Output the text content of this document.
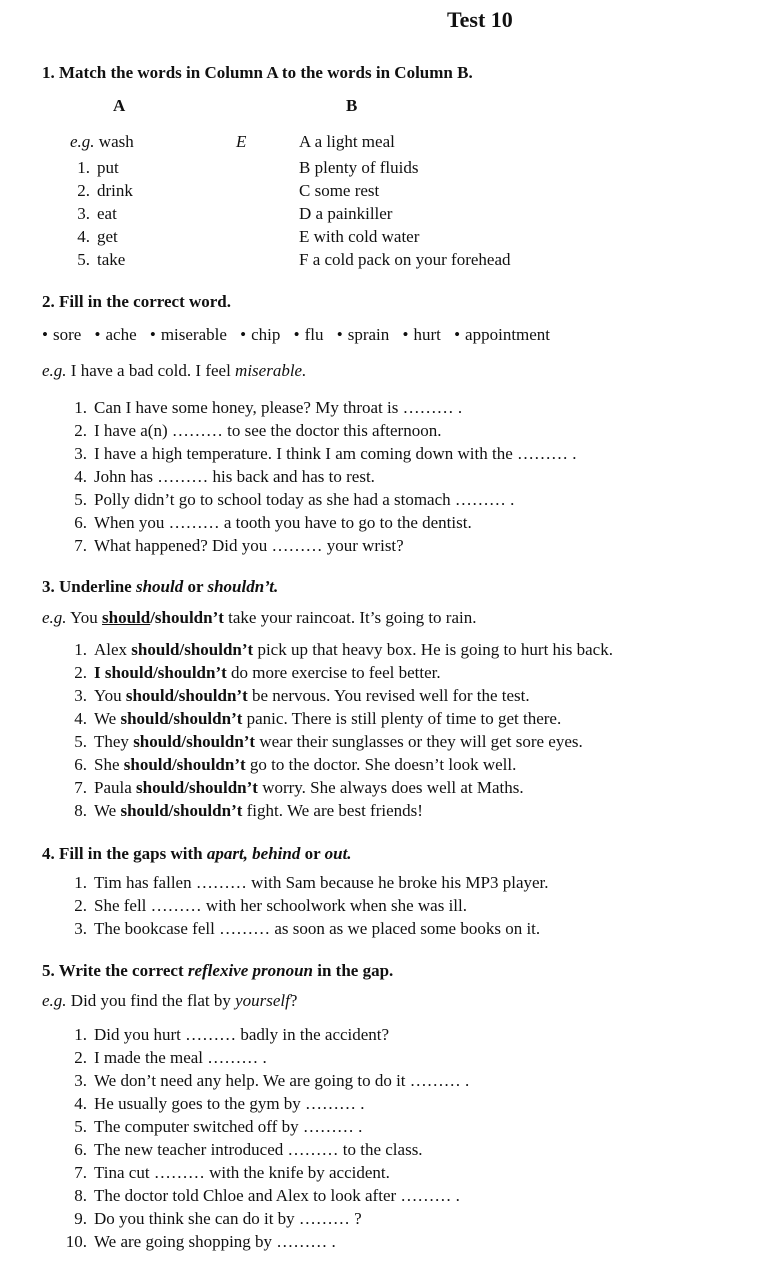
Test 10
1. Match the words in Column A to the words in Column B.
A	B
e.g. wash	E
1. put
2. drink
3. eat
4. get
5. take
A a light meal
B plenty of fluids
C some rest
D a painkiller
E with cold water
F a cold pack on your forehead
2. Fill in the correct word.
• sore • ache • miserable • chip • flu • sprain • hurt • appointment
e.g. I have a bad cold. I feel miserable.
1. Can I have some honey, please? My throat is ……… .
2. I have a(n) ……… to see the doctor this afternoon.
3. I have a high temperature. I think I am coming down with the ……… .
4. John has ……… his back and has to rest.
5. Polly didn’t go to school today as she had a stomach ……… .
6. When you ……… a tooth you have to go to the dentist.
7. What happened? Did you ……… your wrist?
3. Underline should or shouldn’t.
e.g. You should/shouldn’t take your raincoat. It’s going to rain.
1. Alex should/shouldn’t pick up that heavy box. He is going to hurt his back.
2. I should/shouldn’t do more exercise to feel better.
3. You should/shouldn’t be nervous. You revised well for the test.
4. We should/shouldn’t panic. There is still plenty of time to get there.
5. They should/shouldn’t wear their sunglasses or they will get sore eyes.
6. She should/shouldn’t go to the doctor. She doesn’t look well.
7. Paula should/shouldn’t worry. She always does well at Maths.
8. We should/shouldn’t fight. We are best friends!
4. Fill in the gaps with apart, behind or out.
1. Tim has fallen ……… with Sam because he broke his MP3 player.
2. She fell ……… with her schoolwork when she was ill.
3. The bookcase fell ……… as soon as we placed some books on it.
5. Write the correct reflexive pronoun in the gap.
e.g. Did you find the flat by yourself?
1. Did you hurt ……… badly in the accident?
2. I made the meal ……… .
3. We don’t need any help. We are going to do it ……… .
4. He usually goes to the gym by ……… .
5. The computer switched off by ……… .
6. The new teacher introduced ……… to the class.
7. Tina cut ……… with the knife by accident.
8. The doctor told Chloe and Alex to look after ……… .
9. Do you think she can do it by ……… ?
10. We are going shopping by ……… .
